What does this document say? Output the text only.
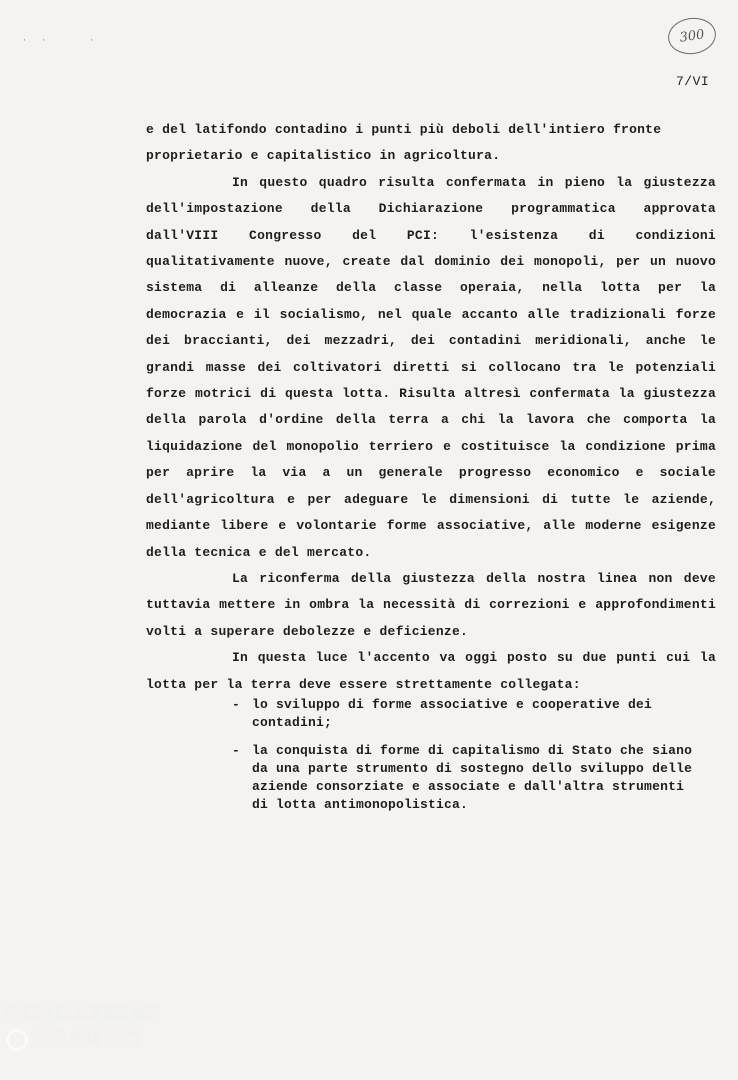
·   ·         ·	300
7/VI

e del latifondo contadino i punti più deboli dell'intiero fronte proprietario e capitalistico in agricoltura.

In questo quadro risulta confermata in pieno la giustezza dell'impostazione della Dichiarazione programmatica approvata dall'VIII Congresso del PCI: l'esistenza di condizioni qualitativamente nuove, create dal dominio dei monopoli, per un nuovo sistema di alleanze della classe operaia, nella lotta per la democrazia e il socialismo, nel quale accanto alle tradizionali forze dei braccianti, dei mezzadri, dei contadini meridionali, anche le grandi masse dei coltivatori diretti si collocano tra le potenziali forze motrici di questa lotta. Risulta altresì confermata la giustezza della parola d'ordine della terra a chi la lavora che comporta la liquidazione del monopolio terriero e costituisce la condizione prima per aprire la via a un generale progresso economico e sociale dell'agricoltura e per adeguare le dimensioni di tutte le aziende, mediante libere e volontarie forme associative, alle moderne esigenze della tecnica e del mercato.

La riconferma della giustezza della nostra linea non deve tuttavia mettere in ombra la necessità di correzioni e approfondimenti volti a superare debolezze e deficienze.

In questa luce l'accento va oggi posto su due punti cui la lotta per la terra deve essere strettamente collegata:

- lo sviluppo di forme associative e cooperative dei contadini;
- la conquista di forme di capitalismo di Stato che siano da una parte strumento di sostegno dello sviluppo delle aziende consorziate e associate e dall'altra strumenti di lotta antimonopolistica.
FONDAZIONE
GRAMSCI
